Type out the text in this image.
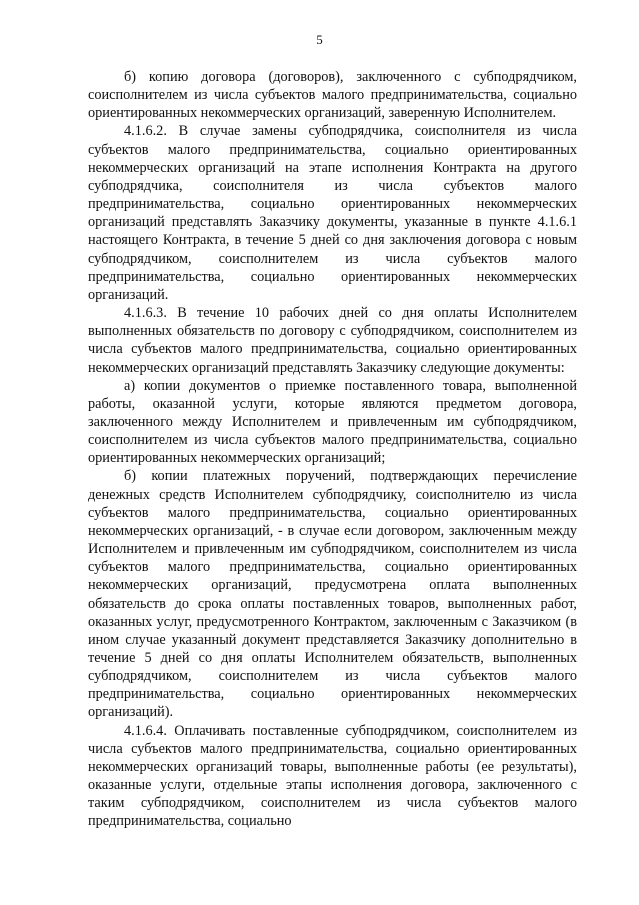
5

б) копию договора (договоров), заключенного с субподрядчиком, соисполнителем из числа субъектов малого предпринимательства, социально ориентированных некоммерческих организаций, заверенную Исполнителем.

4.1.6.2. В случае замены субподрядчика, соисполнителя из числа субъектов малого предпринимательства, социально ориентированных некоммерческих организаций на этапе исполнения Контракта на другого субподрядчика, соисполнителя из числа субъектов малого предпринимательства, социально ориентированных некоммерческих организаций представлять Заказчику документы, указанные в пункте 4.1.6.1 настоящего Контракта, в течение 5 дней со дня заключения договора с новым субподрядчиком, соисполнителем из числа субъектов малого предпринимательства, социально ориентированных некоммерческих организаций.

4.1.6.3. В течение 10 рабочих дней со дня оплаты Исполнителем выполненных обязательств по договору с субподрядчиком, соисполнителем из числа субъектов малого предпринимательства, социально ориентированных некоммерческих организаций представлять Заказчику следующие документы:

а) копии документов о приемке поставленного товара, выполненной работы, оказанной услуги, которые являются предметом договора, заключенного между Исполнителем и привлеченным им субподрядчиком, соисполнителем из числа субъектов малого предпринимательства, социально ориентированных некоммерческих организаций;

б) копии платежных поручений, подтверждающих перечисление денежных средств Исполнителем субподрядчику, соисполнителю из числа субъектов малого предпринимательства, социально ориентированных некоммерческих организаций, - в случае если договором, заключенным между Исполнителем и привлеченным им субподрядчиком, соисполнителем из числа субъектов малого предпринимательства, социально ориентированных некоммерческих организаций, предусмотрена оплата выполненных обязательств до срока оплаты поставленных товаров, выполненных работ, оказанных услуг, предусмотренного Контрактом, заключенным с Заказчиком (в ином случае указанный документ представляется Заказчику дополнительно в течение 5 дней со дня оплаты Исполнителем обязательств, выполненных субподрядчиком, соисполнителем из числа субъектов малого предпринимательства, социально ориентированных некоммерческих организаций).

4.1.6.4. Оплачивать поставленные субподрядчиком, соисполнителем из числа субъектов малого предпринимательства, социально ориентированных некоммерческих организаций товары, выполненные работы (ее результаты), оказанные услуги, отдельные этапы исполнения договора, заключенного с таким субподрядчиком, соисполнителем из числа субъектов малого предпринимательства, социально
